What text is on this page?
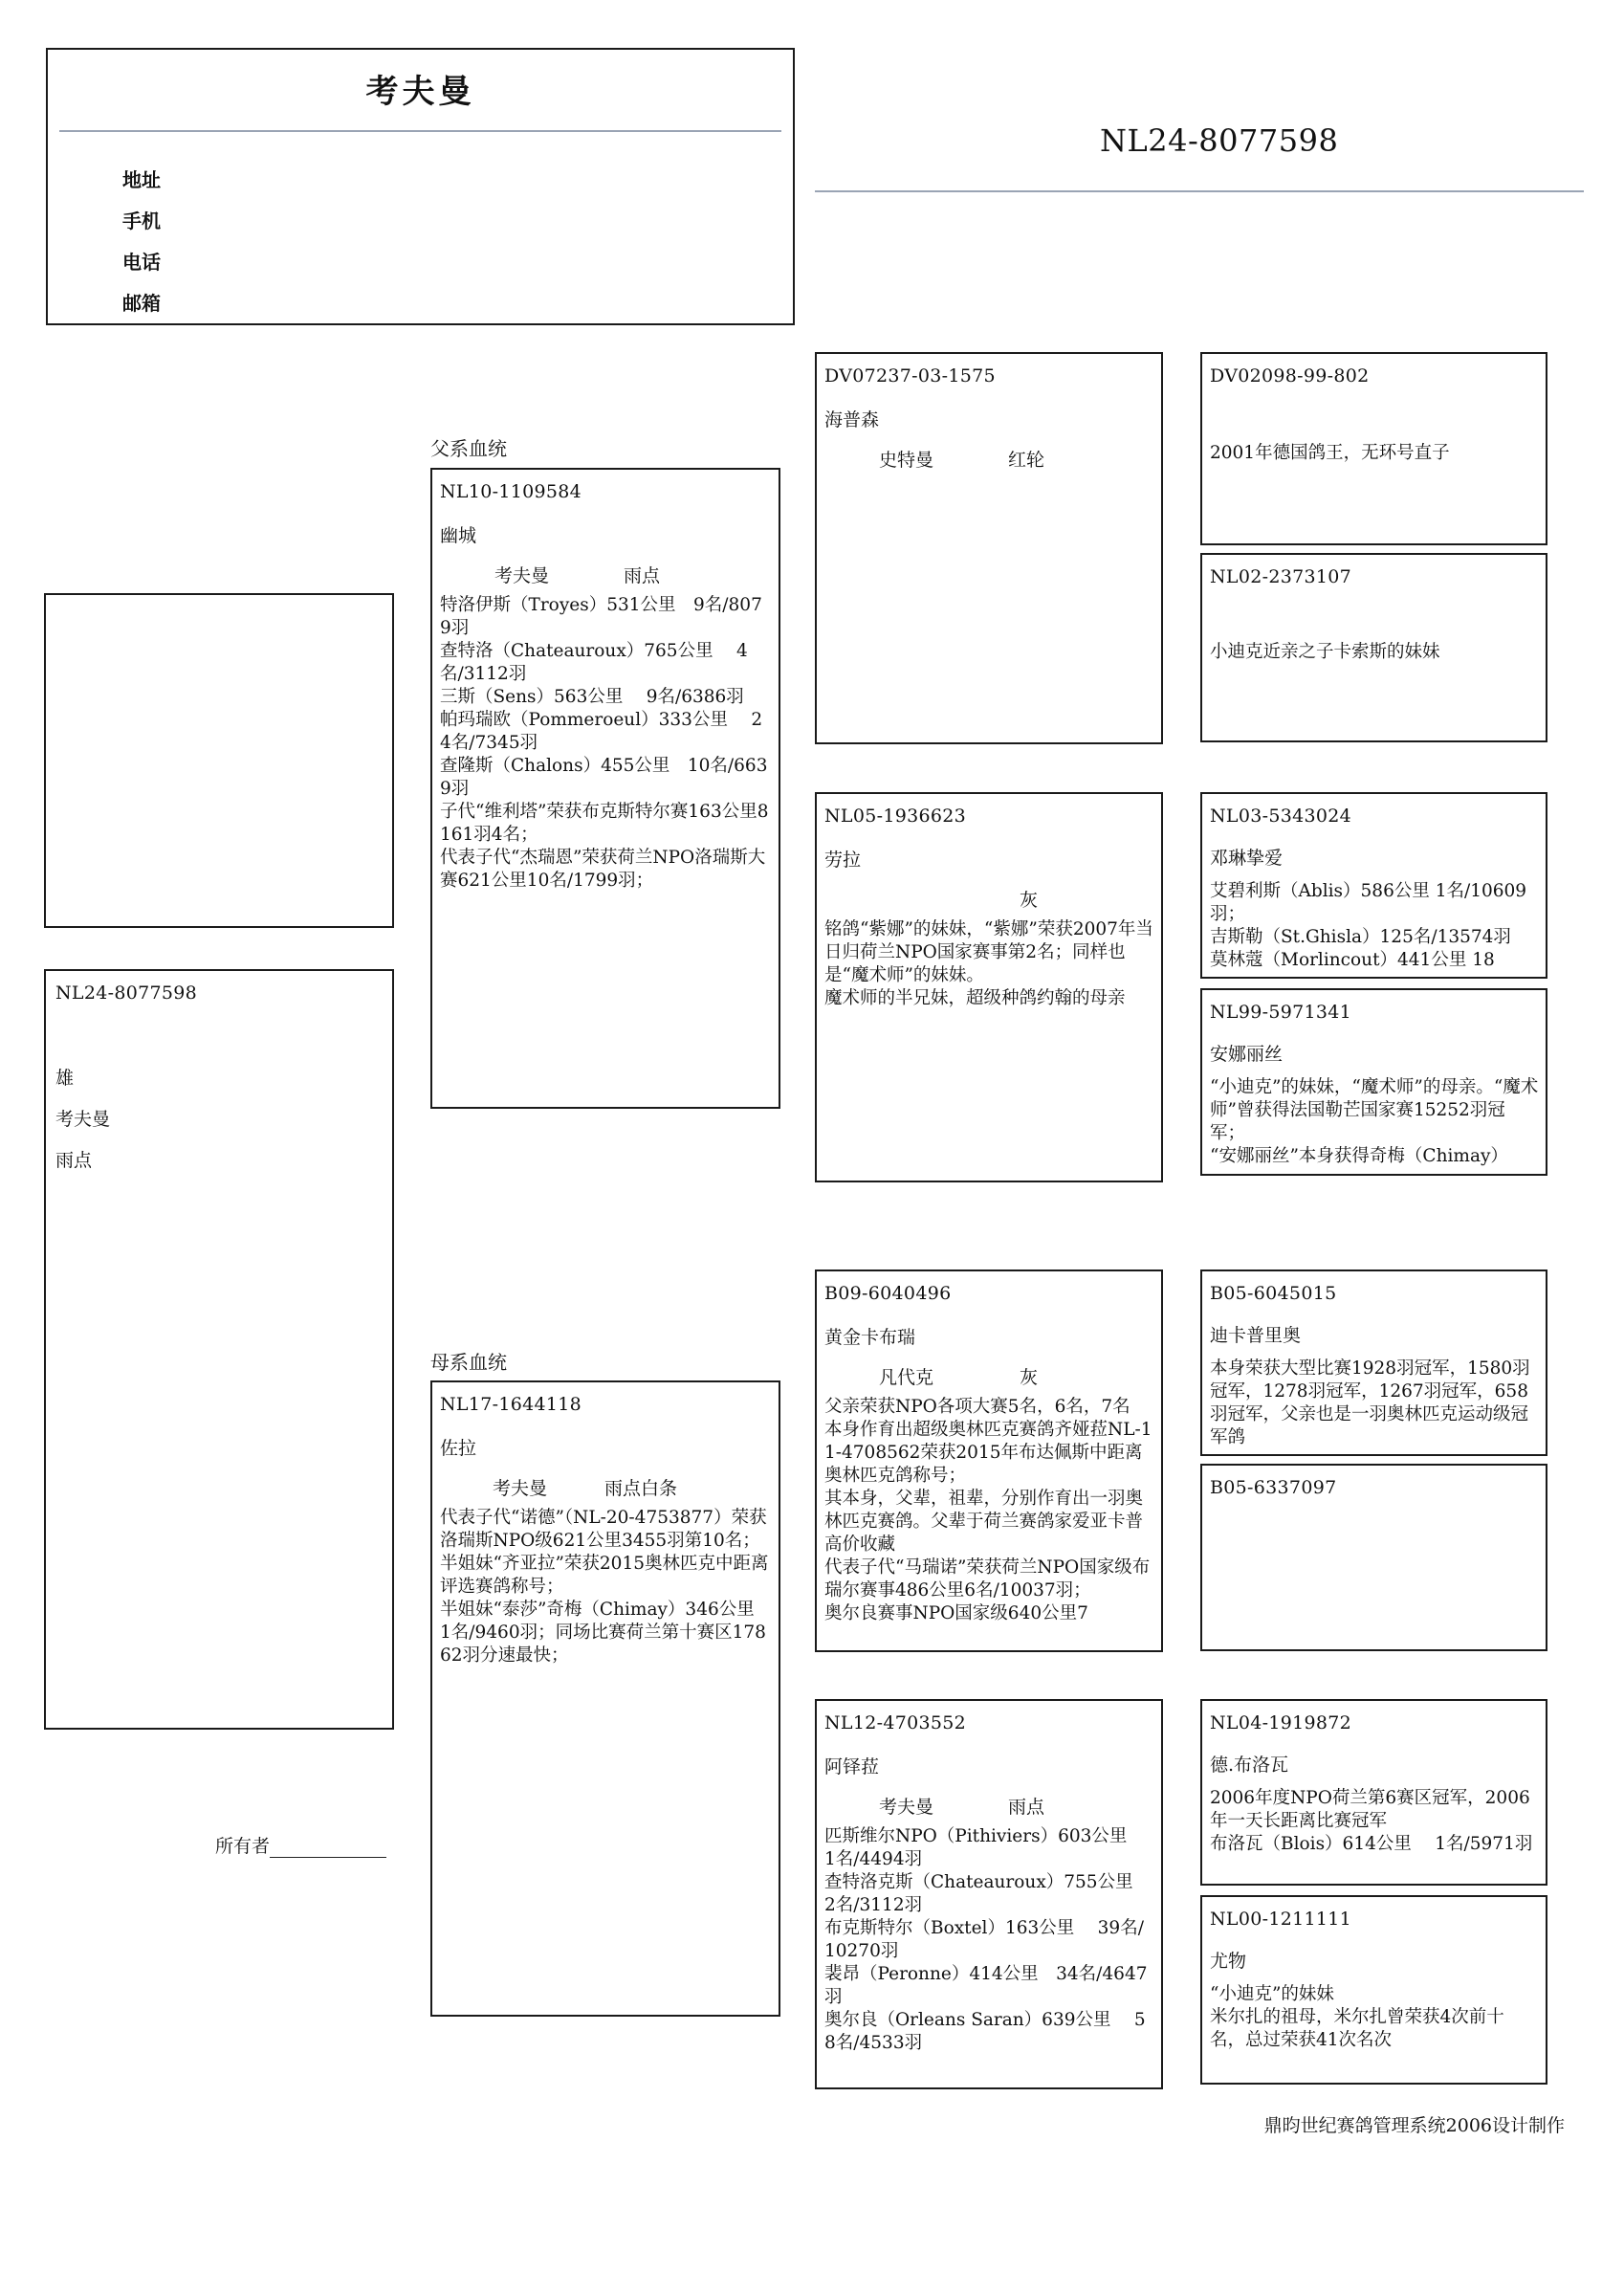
考夫曼
地址
手机
电话
邮箱
NL24-8077598
NL24-8077598
雄
考夫曼
雨点
所有者
父系血统
母系血统
NL10-1109584
幽城
考夫曼	雨点
特洛伊斯（Troyes）531公里　9名/8079羽
查特洛（Chateauroux）765公里　 4名/3112羽
三斯（Sens）563公里　 9名/6386羽
帕玛瑞欧（Pommeroeul）333公里　 24名/7345羽
查隆斯（Chalons）455公里　10名/6639羽
子代“维利塔”荣获布克斯特尔赛163公里8161羽4名；
代表子代“杰瑞恩”荣获荷兰NPO洛瑞斯大赛621公里10名/1799羽；
NL17-1644118
佐拉
考夫曼	雨点白条
代表子代“诺德”（NL-20-4753877）荣获洛瑞斯NPO级621公里3455羽第10名；
半姐妹“齐亚拉”荣获2015奥林匹克中距离评选赛鸽称号；
半姐妹“泰莎”奇梅（Chimay）346公里　1名/9460羽；同场比赛荷兰第十赛区17862羽分速最快；
DV07237-03-1575
海普森
史特曼	红轮
NL05-1936623
劳拉
灰
铭鸽“紫娜”的妹妹，“紫娜”荣获2007年当日归荷兰NPO国家赛事第2名；同样也是“魔术师”的妹妹。
魔术师的半兄妹，超级种鸽约翰的母亲
B09-6040496
黄金卡布瑞
凡代克	灰
父亲荣获NPO各项大赛5名，6名，7名
本身作育出超级奥林匹克赛鸽齐娅菈NL-11-4708562荣获2015年布达佩斯中距离奥林匹克鸽称号；
其本身，父辈，祖辈，分别作育出一羽奥林匹克赛鸽。父辈于荷兰赛鸽家爱亚卡普高价收藏
代表子代“马瑞诺”荣获荷兰NPO国家级布瑞尔赛事486公里6名/10037羽；
奥尔良赛事NPO国家级640公里7
NL12-4703552
阿铎菈
考夫曼	雨点
匹斯维尔NPO（Pithiviers）603公里　 1名/4494羽
查特洛克斯（Chateauroux）755公里　 2名/3112羽
布克斯特尔（Boxtel）163公里　 39名/10270羽
裴昂（Peronne）414公里　34名/4647羽
奥尔良（Orleans Saran）639公里　 58名/4533羽
DV02098-99-802
2001年德国鸽王，无环号直子
NL02-2373107
小迪克近亲之子卡索斯的妹妹
NL03-5343024
邓琳挚爱
艾碧利斯（Ablis）586公里 1名/10609羽；
吉斯勒（St.Ghisla）125名/13574羽
莫林蔻（Morlincout）441公里 18
NL99-5971341
安娜丽丝
“小迪克”的妹妹，“魔术师”的母亲。“魔术师”曾获得法国勒芒国家赛15252羽冠军；
“安娜丽丝”本身获得奇梅（Chimay）
B05-6045015
迪卡普里奥
本身荣获大型比赛1928羽冠军，1580羽冠军，1278羽冠军，1267羽冠军，658羽冠军，父亲也是一羽奥林匹克运动级冠军鸽
B05-6337097
NL04-1919872
德.布洛瓦
2006年度NPO荷兰第6赛区冠军，2006年一天长距离比赛冠军
布洛瓦（Blois）614公里　 1名/5971羽
NL00-1211111
尤物
“小迪克”的妹妹
米尔扎的祖母，米尔扎曾荣获4次前十名，总过荣获41次名次
鼎昀世纪赛鸽管理系统2006设计制作
